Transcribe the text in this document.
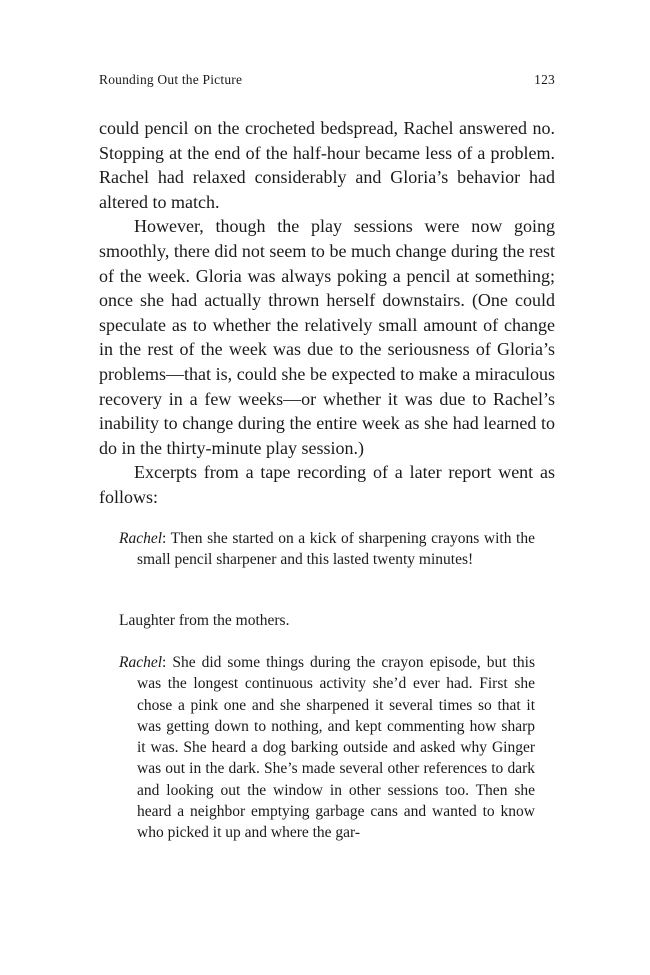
Rounding Out the Picture	123

could pencil on the crocheted bedspread, Rachel answered no. Stopping at the end of the half-hour became less of a problem. Rachel had relaxed considerably and Gloria’s behavior had altered to match.

However, though the play sessions were now going smoothly, there did not seem to be much change during the rest of the week. Gloria was always poking a pencil at something; once she had actually thrown herself downstairs. (One could speculate as to whether the relatively small amount of change in the rest of the week was due to the seriousness of Gloria’s problems—that is, could she be expected to make a miraculous recovery in a few weeks—or whether it was due to Rachel’s inability to change during the entire week as she had learned to do in the thirty-minute play session.)

Excerpts from a tape recording of a later report went as follows:

Rachel: Then she started on a kick of sharpening crayons with the small pencil sharpener and this lasted twenty minutes!

Laughter from the mothers.

Rachel: She did some things during the crayon episode, but this was the longest continuous activity she’d ever had. First she chose a pink one and she sharpened it several times so that it was getting down to nothing, and kept commenting how sharp it was. She heard a dog barking outside and asked why Ginger was out in the dark. She’s made several other references to dark and looking out the window in other sessions too. Then she heard a neighbor emptying garbage cans and wanted to know who picked it up and where the gar-
